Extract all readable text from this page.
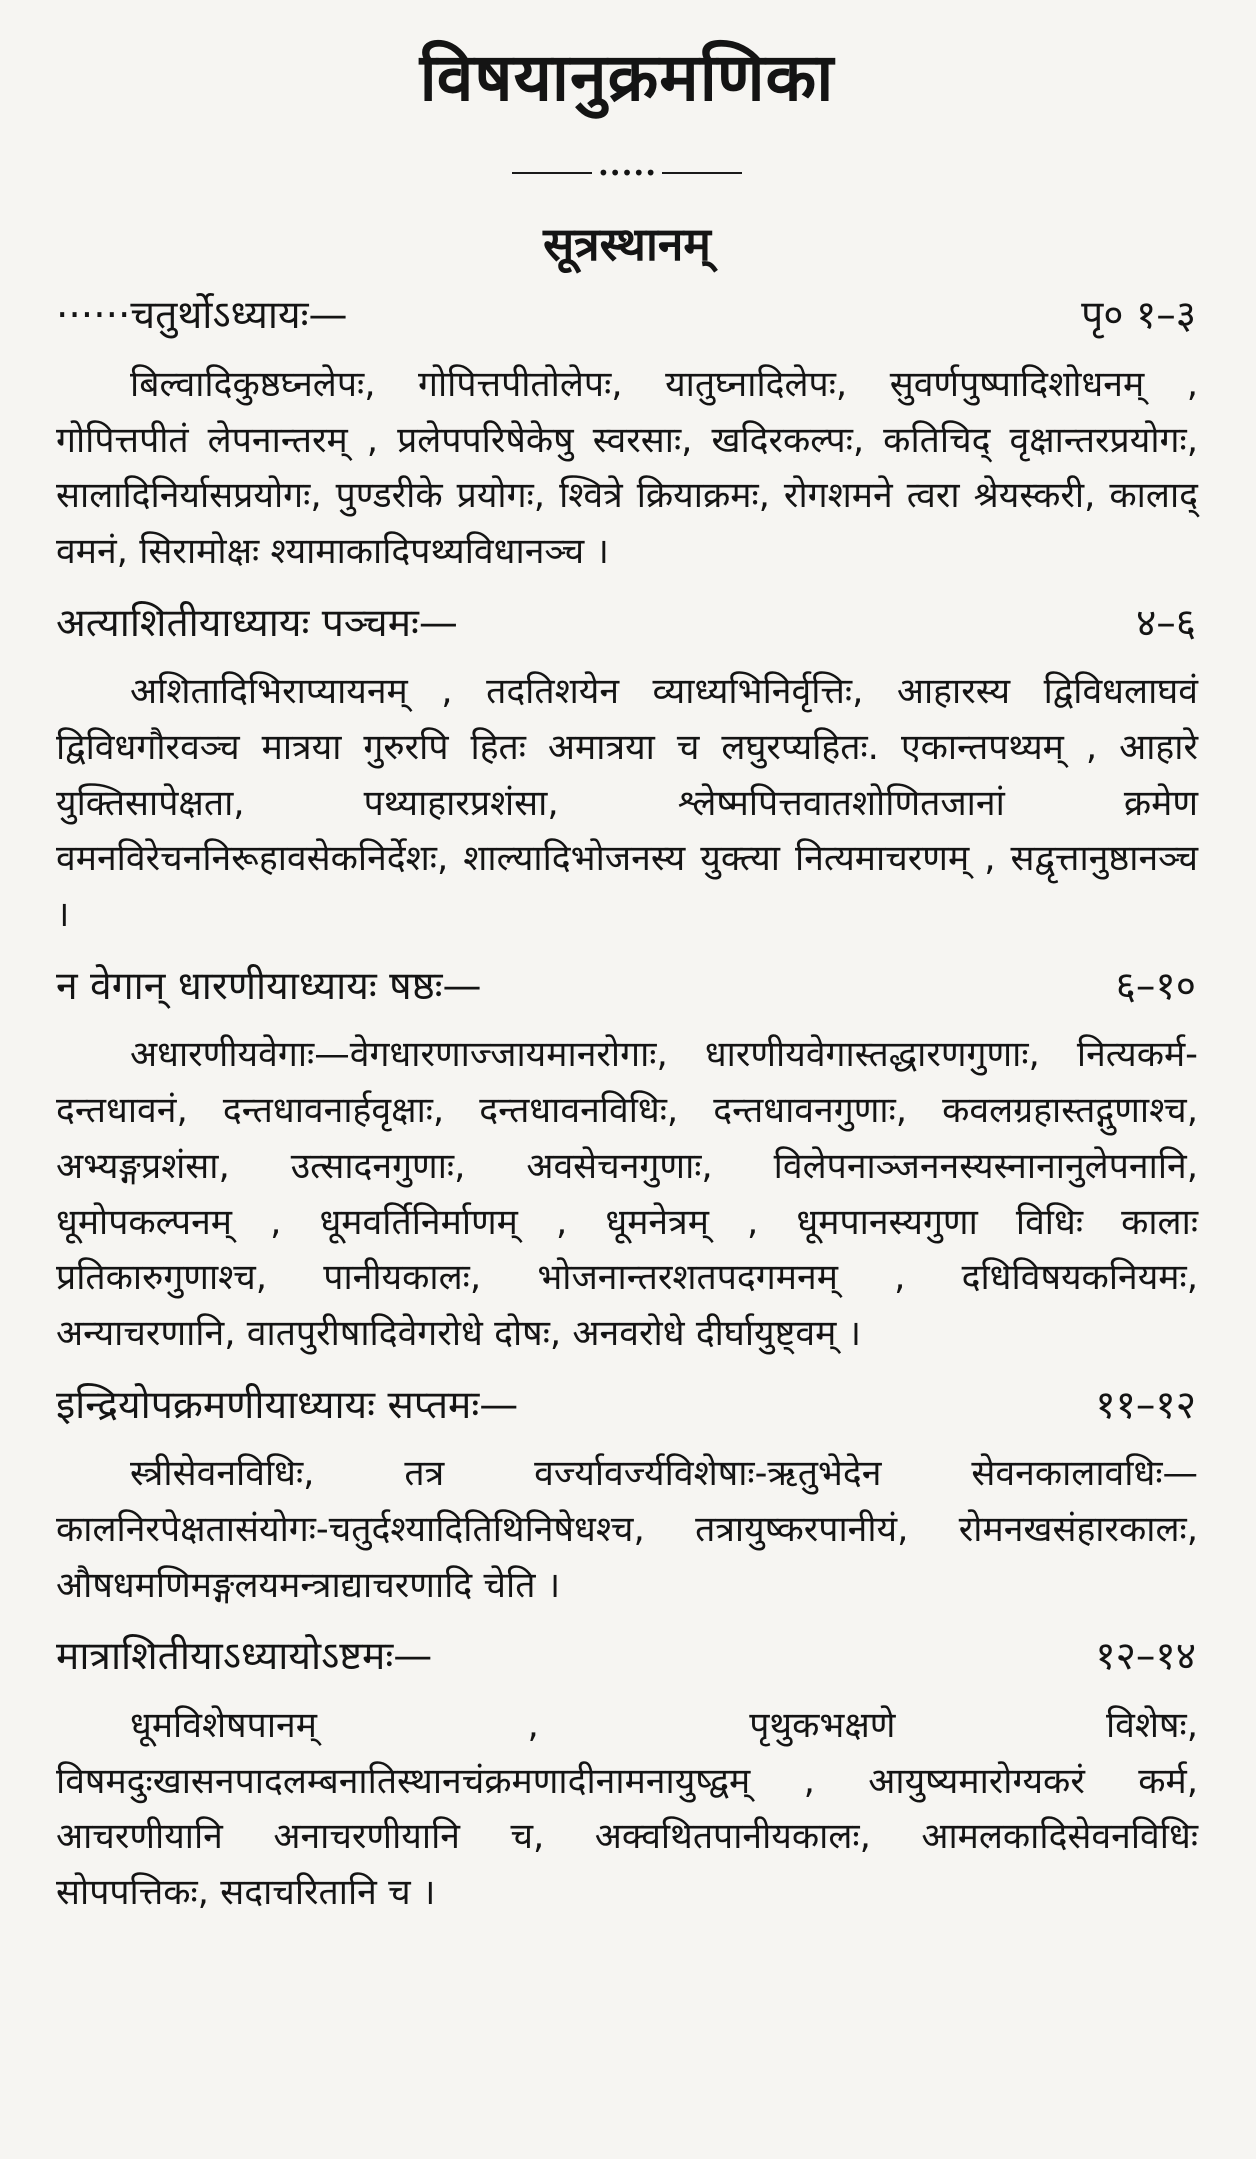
विषयानुक्रमणिका
•••••
सूत्रस्थानम्
······चतुर्थोऽध्यायः—	पृ० १–३
बिल्वादिकुष्ठघ्नलेपः, गोपित्तपीतोलेपः, यातुघ्नादिलेपः, सुवर्णपुष्पादिशोधनम् , गोपित्तपीतं लेपनान्तरम् , प्रलेपपरिषेकेषु स्वरसाः, खदिरकल्पः, कतिचिद् वृक्षान्तरप्रयोगः, सालादिनिर्यासप्रयोगः, पुण्डरीके प्रयोगः, श्वित्रे क्रियाक्रमः, रोगशमने त्वरा श्रेयस्करी, कालाद् वमनं, सिरामोक्षः श्यामाकादिपथ्यविधानञ्च ।
अत्याशितीयाध्यायः पञ्चमः—	४–६
अशितादिभिराप्यायनम् , तदतिशयेन व्याध्यभिनिर्वृत्तिः, आहारस्य द्विविधलाघवं द्विविधगौरवञ्च मात्रया गुरुरपि हितः अमात्रया च लघुरप्यहितः. एकान्तपथ्यम् , आहारे युक्तिसापेक्षता, पथ्याहारप्रशंसा, श्लेष्मपित्तवातशोणितजानां क्रमेण वमनविरेचननिरूहावसेकनिर्देशः, शाल्यादिभोजनस्य युक्त्या नित्यमाचरणम् , सद्वृत्तानुष्ठानञ्च ।
न वेगान् धारणीयाध्यायः षष्ठः—	६–१०
अधारणीयवेगाः—वेगधारणाज्जायमानरोगाः, धारणीयवेगास्तद्धारणगुणाः, नित्यकर्म-दन्तधावनं, दन्तधावनार्हवृक्षाः, दन्तधावनविधिः, दन्तधावनगुणाः, कवलग्रहास्तद्गुणाश्च, अभ्यङ्गप्रशंसा, उत्सादनगुणाः, अवसेचनगुणाः, विलेपनाञ्जननस्यस्नानानुलेपनानि, धूमोपकल्पनम् , धूमवर्तिनिर्माणम् , धूमनेत्रम् , धूमपानस्यगुणा विधिः कालाः प्रतिकारुगुणाश्च, पानीयकालः, भोजनान्तरशतपदगमनम् , दधिविषयकनियमः, अन्याचरणानि, वातपुरीषादिवेगरोधे दोषः, अनवरोधे दीर्घायुष्ट्वम् ।
इन्द्रियोपक्रमणीयाध्यायः सप्तमः—	११–१२
स्त्रीसेवनविधिः, तत्र वर्ज्यावर्ज्यविशेषाः-ऋतुभेदेन सेवनकालावधिः—कालनिरपेक्षतासंयोगः-चतुर्दश्यादितिथिनिषेधश्च, तत्रायुष्करपानीयं, रोमनखसंहारकालः, औषधमणिमङ्गलयमन्त्राद्याचरणादि चेति ।
मात्राशितीयाऽध्यायोऽष्टमः—	१२–१४
धूमविशेषपानम् , पृथुकभक्षणे विशेषः, विषमदुःखासनपादलम्बनातिस्थानचंक्रमणादीनामनायुष्द्वम् , आयुष्यमारोग्यकरं कर्म, आचरणीयानि अनाचरणीयानि च, अक्वथितपानीयकालः, आमलकादिसेवनविधिः सोपपत्तिकः, सदाचरितानि च ।
